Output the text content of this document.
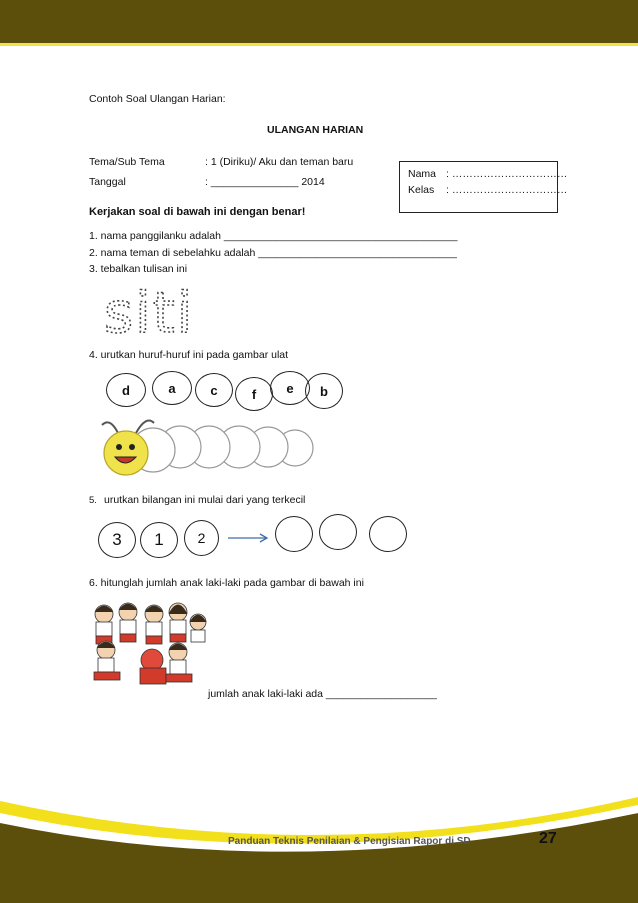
Contoh Soal Ulangan Harian:
ULANGAN HARIAN
Tema/Sub Tema	: 1 (Diriku)/ Aku dan teman baru
Tanggal	: _______________ 2014
Nama : ……………………………
Kelas : ……………………………
Kerjakan soal di bawah ini dengan benar!
1. nama panggilanku adalah ________________________________________
2. nama teman di sebelahku adalah __________________________________
3. tebalkan tulisan ini
siti
4. urutkan huruf-huruf ini pada gambar ulat
d	a	c	f e b
5. urutkan bilangan ini mulai dari yang terkecil
3 1 2
6. hitunglah jumlah anak laki-laki pada gambar di bawah ini
jumlah anak laki-laki ada ___________________
Panduan Teknis Penilaian & Pengisian Rapor di SD	27
